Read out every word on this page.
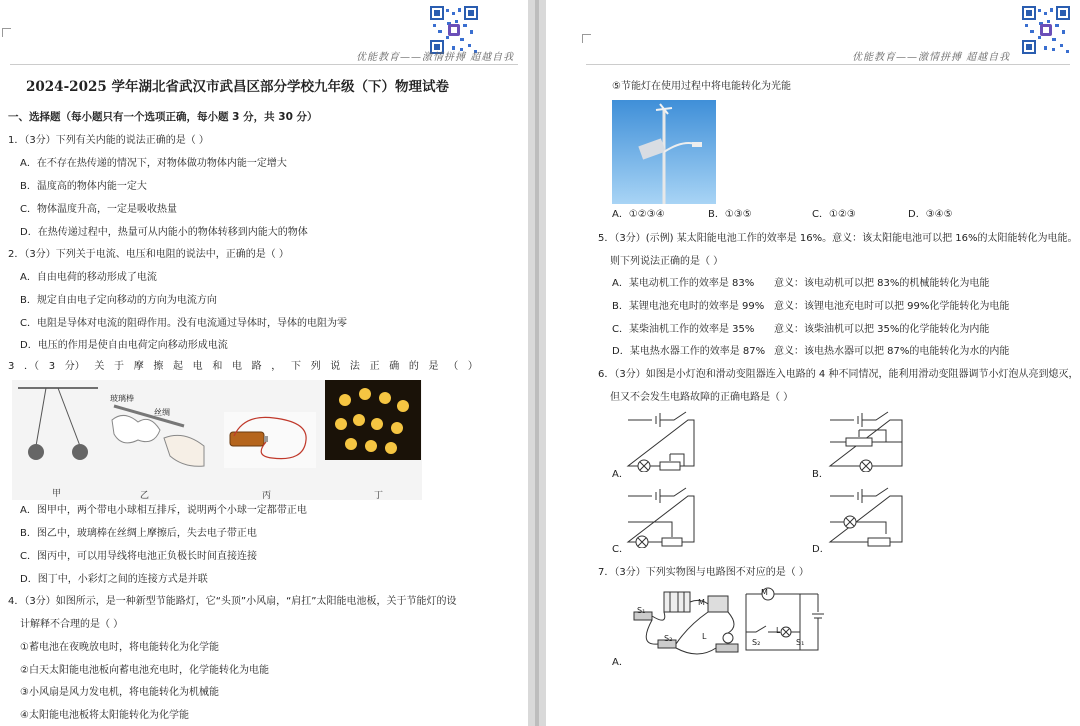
优能教育——激情拼搏 超越自我
2024-2025 学年湖北省武汉市武昌区部分学校九年级（下）物理试卷
一、选择题（每小题只有一个选项正确，每小题 3 分，共 30 分）
1．（3分）下列有关内能的说法正确的是（ ）
A．在不存在热传递的情况下，对物体做功物体内能一定增大
B．温度高的物体内能一定大
C．物体温度升高，一定是吸收热量
D．在热传递过程中，热量可从内能小的物体转移到内能大的物体
2．（3分）下列关于电流、电压和电阻的说法中，正确的是（ ）
A．自由电荷的移动形成了电流
B．规定自由电子定向移动的方向为电流方向
C．电阻是导体对电流的阻碍作用。没有电流通过导体时，导体的电阻为零
D．电压的作用是使自由电荷定向移动形成电流
3 ．（ 3 分） 关 于 摩 擦 起 电 和 电 路 ， 下 列 说 法 正 确 的 是 （ ）
玻璃棒
丝绸
甲	乙	丙	丁
A．图甲中，两个带电小球相互排斥，说明两个小球一定都带正电
B．图乙中，玻璃棒在丝绸上摩擦后，失去电子带正电
C．图丙中，可以用导线将电池正负极长时间直接连接
D．图丁中，小彩灯之间的连接方式是并联
4．（3分）如图所示，是一种新型节能路灯，它“头顶”小风扇，“肩扛”太阳能电池板，关于节能灯的设
计解释不合理的是（ ）
①蓄电池在夜晚放电时，将电能转化为化学能
②白天太阳能电池板向蓄电池充电时，化学能转化为电能
③小风扇是风力发电机，将电能转化为机械能
④太阳能电池板将太阳能转化为化学能
优能教育——激情拼搏 超越自我
⑤节能灯在使用过程中将电能转化为光能
A．①②③④	B．①③⑤	C．①②③	D．③④⑤
5．（3分）(示例) 某太阳能电池工作的效率是 16%。意义：该太阳能电池可以把 16%的太阳能转化为电能。
则下列说法正确的是（ ）
A．某电动机工作的效率是 83% 意义：该电动机可以把 83%的机械能转化为电能
B．某锂电池充电时的效率是 99% 意义：该锂电池充电时可以把 99%化学能转化为电能
C．某柴油机工作的效率是 35% 意义：该柴油机可以把 35%的化学能转化为内能
D．某电热水器工作的效率是 87% 意义：该电热水器可以把 87%的电能转化为水的内能
6．（3分）如图是小灯泡和滑动变阻器连入电路的 4 种不同情况，能利用滑动变阻器调节小灯泡从亮到熄灭，
但又不会发生电路故障的正确电路是（ ）
A．	B．
C．	D．
7．（3分）下列实物图与电路图不对应的是（ ）
S₁
S₂
M
L
M
S₂
L
S₁
A．
